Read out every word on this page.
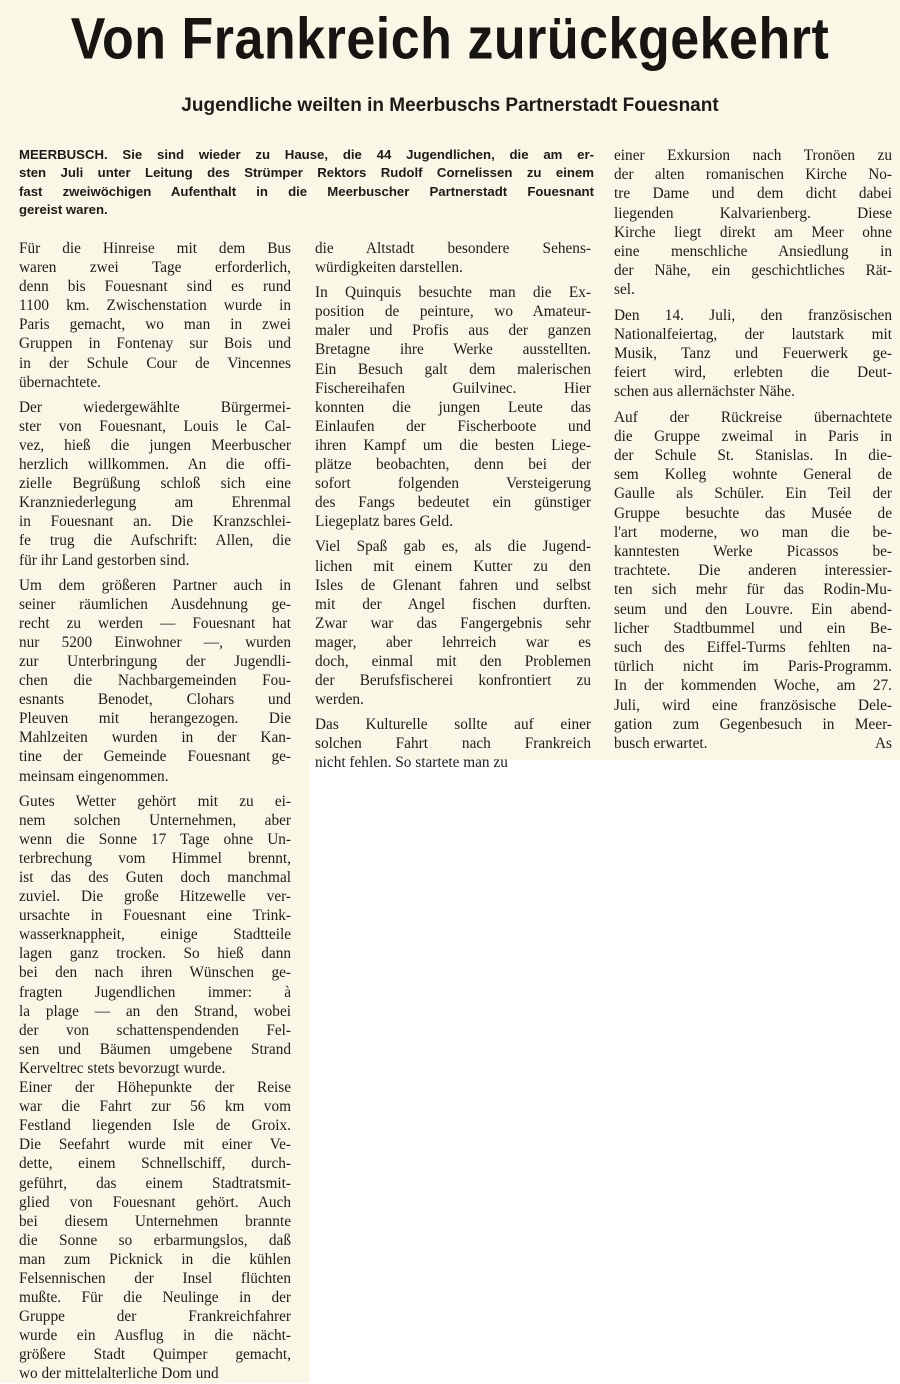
Von Frankreich zurückgekehrt
Jugendliche weilten in Meerbuschs Partnerstadt Fouesnant

MEERBUSCH. Sie sind wieder zu Hause, die 44 Jugendlichen, die am er-

sten Juli unter Leitung des Strümper Rektors Rudolf Cornelissen zu einem

fast zweiwöchigen Aufenthalt in die Meerbuscher Partnerstadt Fouesnant

gereist waren.

Für die Hinreise mit dem Bus

waren zwei Tage erforderlich,

denn bis Fouesnant sind es rund

1100 km. Zwischenstation wurde in

Paris gemacht, wo man in zwei

Gruppen in Fontenay sur Bois und

in der Schule Cour de Vincennes

übernachtete.

Der wiedergewählte Bürgermei-

ster von Fouesnant, Louis le Cal-

vez, hieß die jungen Meerbuscher

herzlich willkommen. An die offi-

zielle Begrüßung schloß sich eine

Kranzniederlegung am Ehrenmal

in Fouesnant an. Die Kranzschlei-

fe trug die Aufschrift: Allen, die

für ihr Land gestorben sind.

Um dem größeren Partner auch in

seiner räumlichen Ausdehnung ge-

recht zu werden — Fouesnant hat

nur 5200 Einwohner —, wurden

zur Unterbringung der Jugendli-

chen die Nachbargemeinden Fou-

esnants Benodet, Clohars und

Pleuven mit herangezogen. Die

Mahlzeiten wurden in der Kan-

tine der Gemeinde Fouesnant ge-

meinsam eingenommen.

Gutes Wetter gehört mit zu ei-

nem solchen Unternehmen, aber

wenn die Sonne 17 Tage ohne Un-

terbrechung vom Himmel brennt,

ist das des Guten doch manchmal

zuviel. Die große Hitzewelle ver-

ursachte in Fouesnant eine Trink-

wasserknappheit, einige Stadtteile

lagen ganz trocken. So hieß dann

bei den nach ihren Wünschen ge-

fragten Jugendlichen immer: à

la plage — an den Strand, wobei

der von schattenspendenden Fel-

sen und Bäumen umgebene Strand

Kerveltrec stets bevorzugt wurde.

Einer der Höhepunkte der Reise

war die Fahrt zur 56 km vom

Festland liegenden Isle de Groix.

Die Seefahrt wurde mit einer Ve-

dette, einem Schnellschiff, durch-

geführt, das einem Stadtratsmit-

glied von Fouesnant gehört. Auch

bei diesem Unternehmen brannte

die Sonne so erbarmungslos, daß

man zum Picknick in die kühlen

Felsennischen der Insel flüchten

mußte. Für die Neulinge in der

Gruppe der Frankreichfahrer

wurde ein Ausflug in die nächt-

größere Stadt Quimper gemacht,

wo der mittelalterliche Dom und

die Altstadt besondere Sehens-

würdigkeiten darstellen.

In Quinquis besuchte man die Ex-

position de peinture, wo Amateur-

maler und Profis aus der ganzen

Bretagne ihre Werke ausstellten.

Ein Besuch galt dem malerischen

Fischereihafen Guilvinec. Hier

konnten die jungen Leute das

Einlaufen der Fischerboote und

ihren Kampf um die besten Liege-

plätze beobachten, denn bei der

sofort folgenden Versteigerung

des Fangs bedeutet ein günstiger

Liegeplatz bares Geld.

Viel Spaß gab es, als die Jugend-

lichen mit einem Kutter zu den

Isles de Glenant fahren und selbst

mit der Angel fischen durften.

Zwar war das Fangergebnis sehr

mager, aber lehrreich war es

doch, einmal mit den Problemen

der Berufsfischerei konfrontiert zu

werden.

Das Kulturelle sollte auf einer

solchen Fahrt nach Frankreich

nicht fehlen. So startete man zu

einer Exkursion nach Tronöen zu

der alten romanischen Kirche No-

tre Dame und dem dicht dabei

liegenden Kalvarienberg. Diese

Kirche liegt direkt am Meer ohne

eine menschliche Ansiedlung in

der Nähe, ein geschichtliches Rät-

sel.

Den 14. Juli, den französischen

Nationalfeiertag, der lautstark mit

Musik, Tanz und Feuerwerk ge-

feiert wird, erlebten die Deut-

schen aus allernächster Nähe.

Auf der Rückreise übernachtete

die Gruppe zweimal in Paris in

der Schule St. Stanislas. In die-

sem Kolleg wohnte General de

Gaulle als Schüler. Ein Teil der

Gruppe besuchte das Musée de

l'art moderne, wo man die be-

kanntesten Werke Picassos be-

trachtete. Die anderen interessier-

ten sich mehr für das Rodin-Mu-

seum und den Louvre. Ein abend-

licher Stadtbummel und ein Be-

such des Eiffel-Turms fehlten na-

türlich nicht im Paris-Programm.

In der kommenden Woche, am 27.

Juli, wird eine französische Dele-

gation zum Gegenbesuch in Meer-

busch erwartet.	As
